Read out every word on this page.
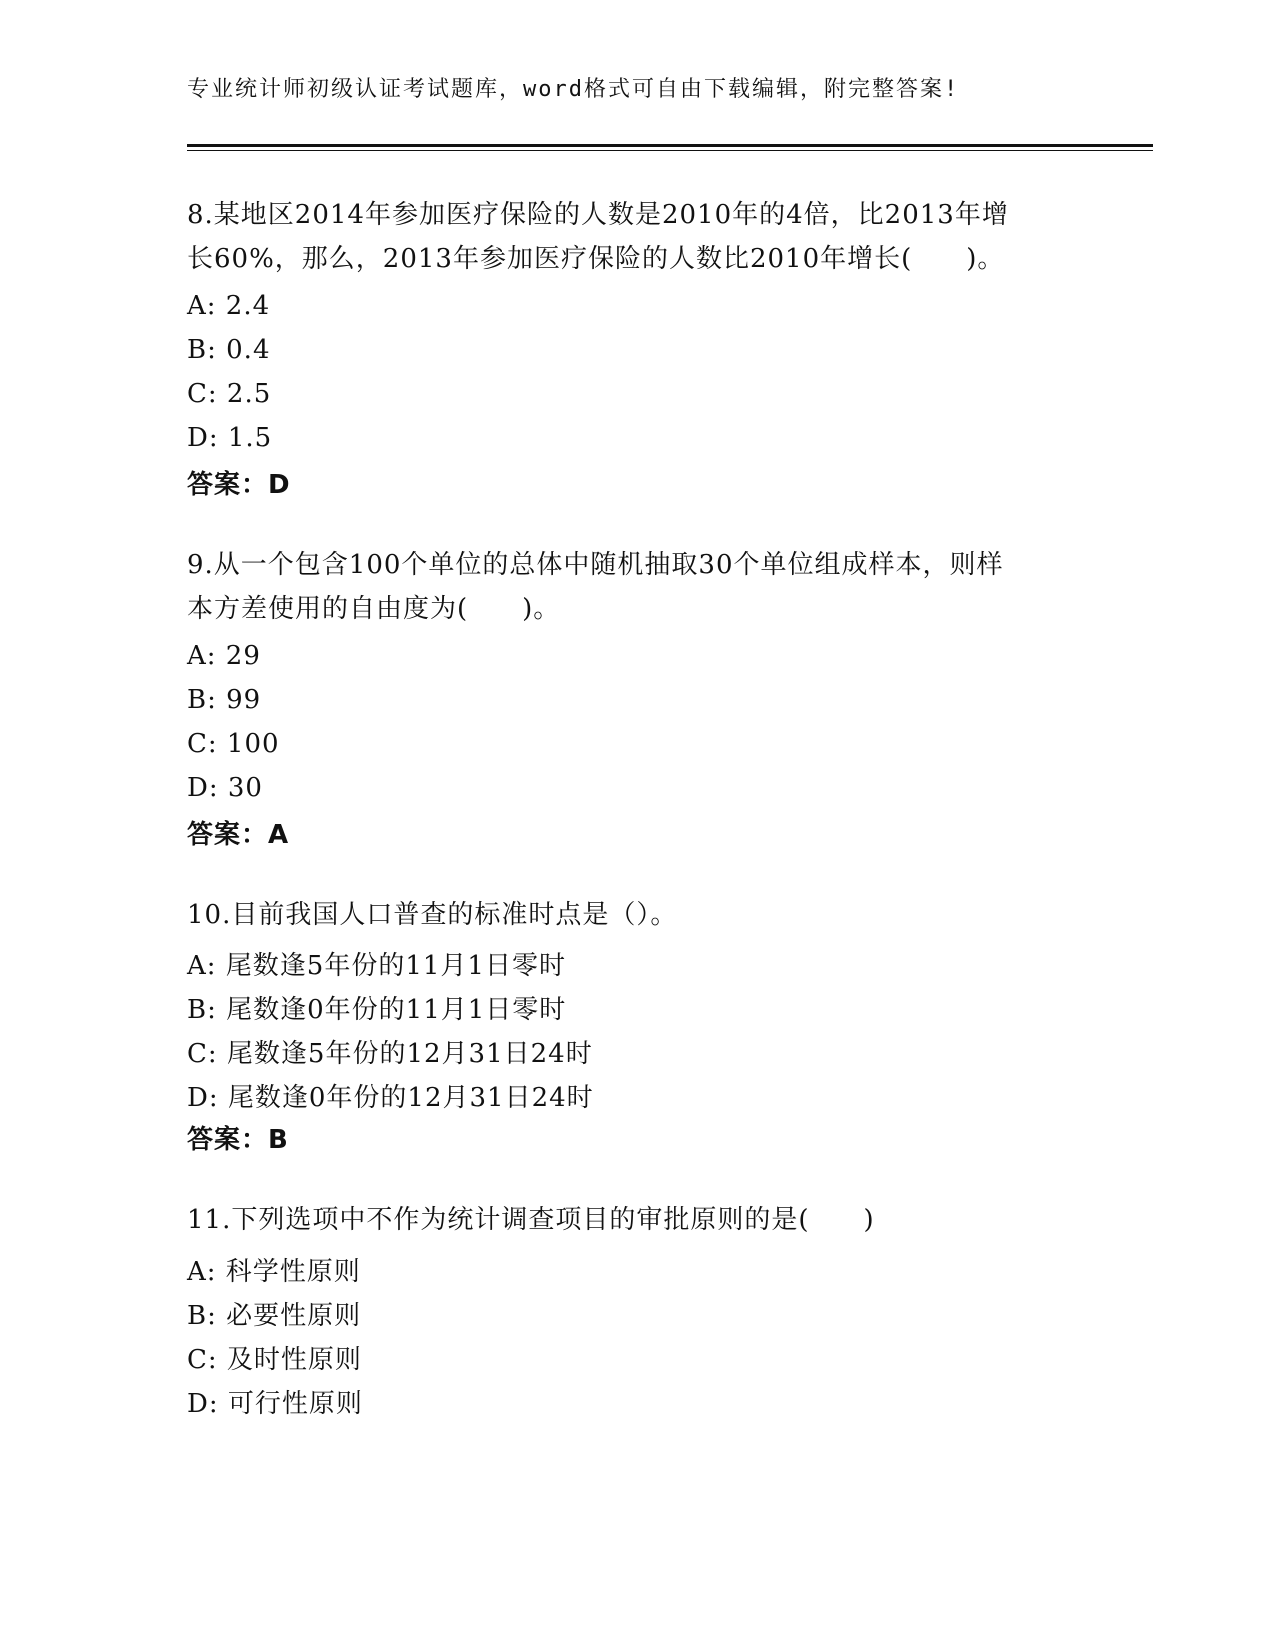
专业统计师初级认证考试题库，word格式可自由下载编辑，附完整答案!
8.某地区2014年参加医疗保险的人数是2010年的4倍，比2013年增
长60%，那么，2013年参加医疗保险的人数比2010年增长(　　)。
A: 2.4
B: 0.4
C: 2.5
D: 1.5
答案：D
9.从一个包含100个单位的总体中随机抽取30个单位组成样本，则样
本方差使用的自由度为(　　)。
A: 29
B: 99
C: 100
D: 30
答案：A
10.目前我国人口普查的标准时点是（）。
A: 尾数逢5年份的11月1日零时
B: 尾数逢0年份的11月1日零时
C: 尾数逢5年份的12月31日24时
D: 尾数逢0年份的12月31日24时
答案：B
11.下列选项中不作为统计调查项目的审批原则的是(　　)
A: 科学性原则
B: 必要性原则
C: 及时性原则
D: 可行性原则
